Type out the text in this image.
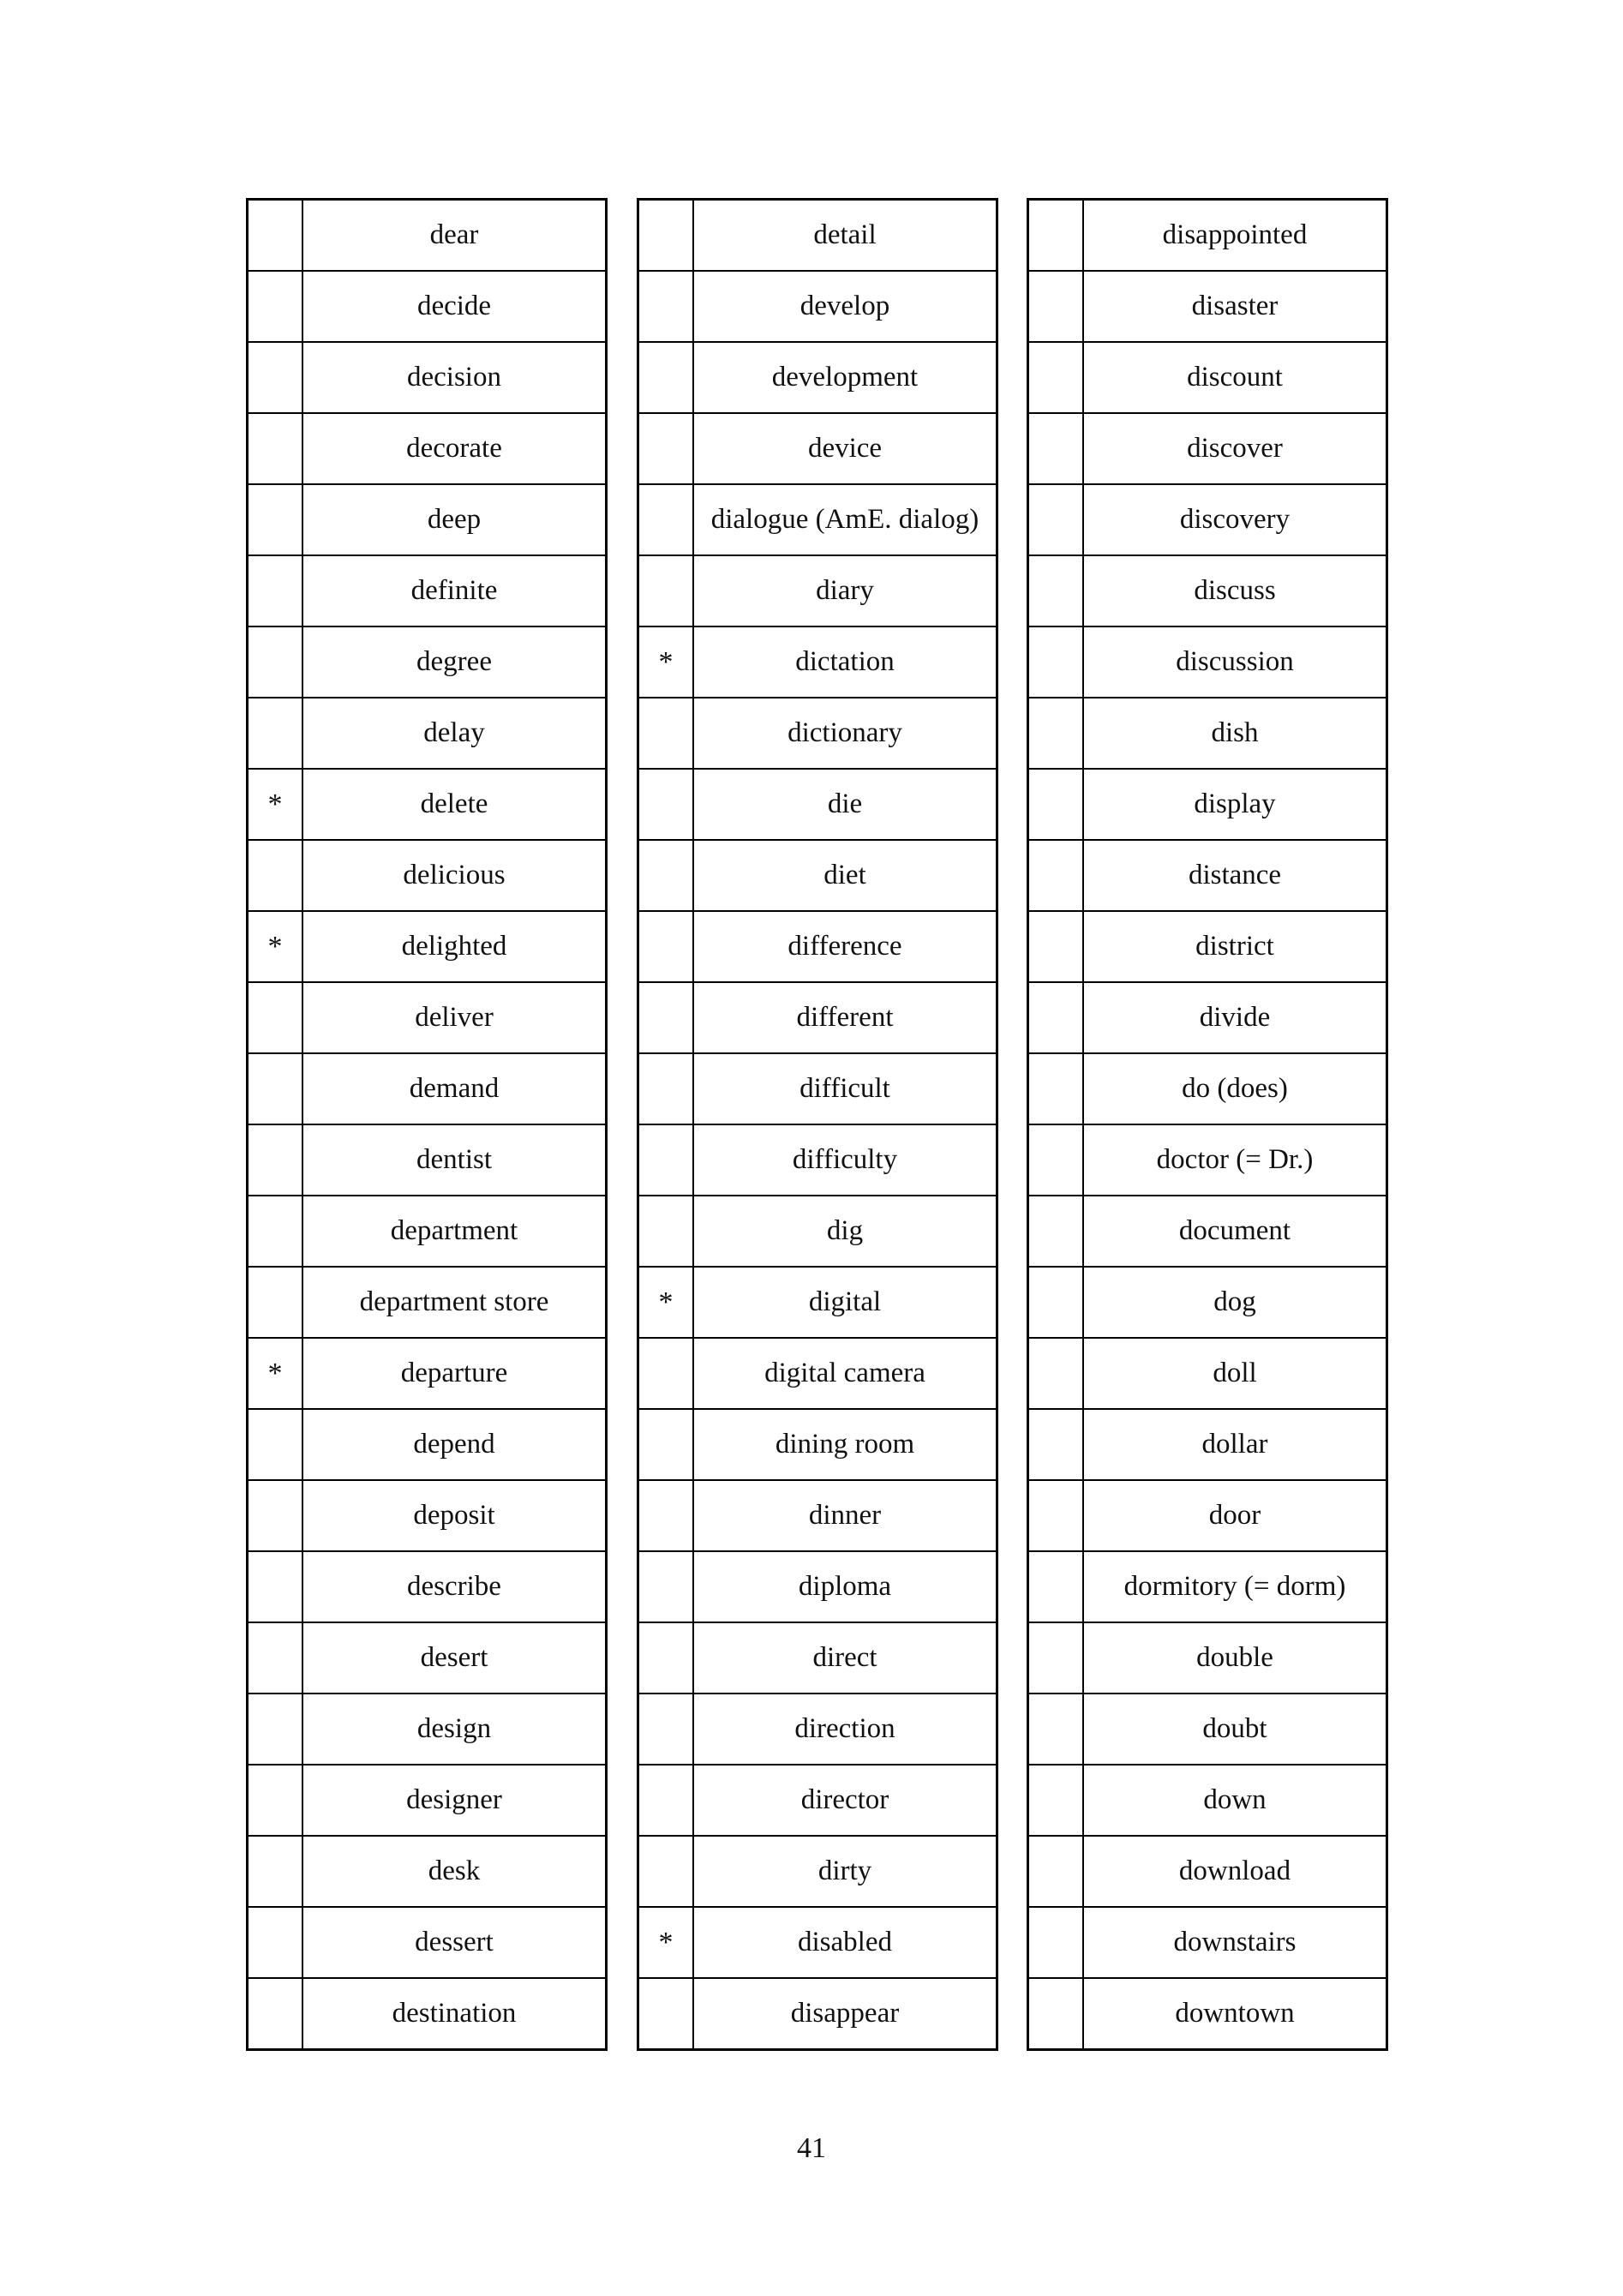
	dear
	decide
	decision
	decorate
	deep
	definite
	degree
	delay
*	delete
	delicious
*	delighted
	deliver
	demand
	dentist
	department
	department store
*	departure
	depend
	deposit
	describe
	desert
	design
	designer
	desk
	dessert
	destination
	detail
	develop
	development
	device
	dialogue (AmE. dialog)
	diary
*	dictation
	dictionary
	die
	diet
	difference
	different
	difficult
	difficulty
	dig
*	digital
	digital camera
	dining room
	dinner
	diploma
	direct
	direction
	director
	dirty
*	disabled
	disappear
	disappointed
	disaster
	discount
	discover
	discovery
	discuss
	discussion
	dish
	display
	distance
	district
	divide
	do (does)
	doctor (= Dr.)
	document
	dog
	doll
	dollar
	door
	dormitory (= dorm)
	double
	doubt
	down
	download
	downstairs
	downtown
41
